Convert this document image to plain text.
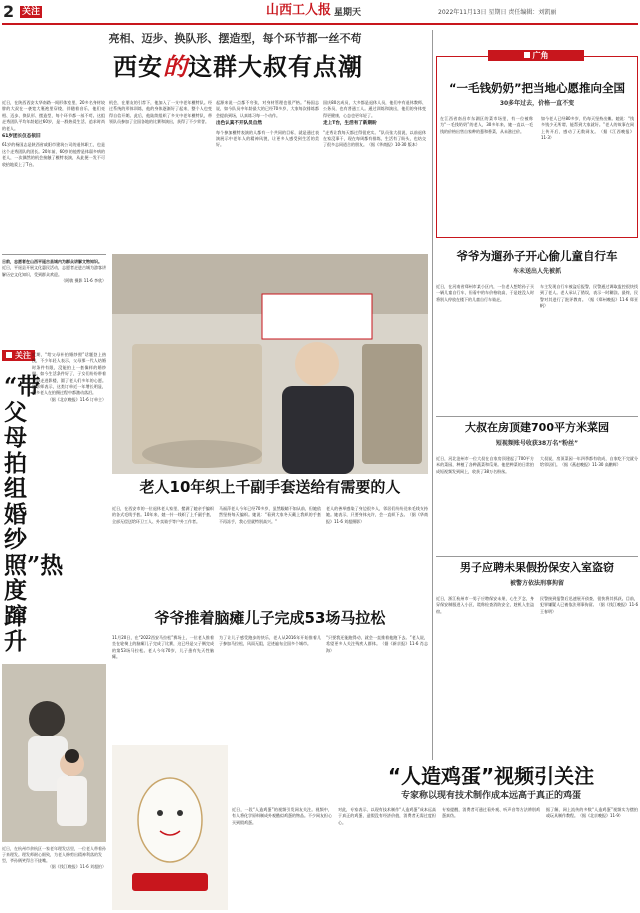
2 关注	山西工人报 星期天	2022年11月13日 星期日 责任编辑：刘凯丽
亮相、迈步、换队形、摆造型，每个环节都一丝不苟
西安的这群大叔有点潮

近日，在陕西西安太华南路一间形体室里，20多名身材较胖的大叔在一袭宽大裹袍里穿梭，伴随着音乐，他们亮相、迈步、换队形、摆造型，每个环节都一丝不苟。这组走秀团队平均年龄超过60岁，是一群热爱生活、追求时尚的老人。

61岁团长仪态依旧

61岁的杨国志是陕西省咸阳市建筑公司的退休职工，也是这个走秀团队的团长。20年前，60岁的他曾是体弱多病的老人，一次偶然的机会接触了模特表演，从此便一发不可收拾地爱上了T台。

机会，在朋友的引荐下，他加入了一支中老年模特队。经过系统的形体训练，他的身体逐渐好了起来，整个人也变得自信开朗。此后，他陆续组织了多支中老年模特队，带领队员参加了全国各地的比赛和演出，获得了不少荣誉。

起源来说一点都不夸张，对身材管理也很严格。”杨国志说，如今队员中年龄最大的已经70多岁，大家每次排练都会提前到场，认真练习每一个动作。

出色认真不开队员自然

每个参加模特表演的人都有一个共同的目标，就是通过表演展示中老年人的精神风貌，让更多人感受到生活的美好。

国庆80名成员，大多都是退休人员，他们中有退休教师、公务员，也有普通工人。通过训练和演出，他们的身体变得更健康，心态也更年轻了。

走上T台，生活有了新期盼

“走秀让我每天都过得很充实。”队员张大叔说，以前退休在家没事干，现在每周都有排练，生活有了盼头，也结交了很多志同道合的朋友。（据《华商报》10·30 版本）

日前，志愿者在山西平遥古县城内为群众讲解文物知识。

近日，平遥县开展文化惠民活动，志愿者走进古城为游客讲解历史文化知识，受到群众欢迎。

（阿敏 摄影 11·6 李欣）

关注
“带父母拍组婚纱照”热度蹿升

近期，“给父母补拍婚纱照”话题登上热搜，不少年轻人表示，父母那一代人结婚时条件有限，没能拍上一套像样的婚纱照。如今生活条件好了，子女们纷纷带着父母走进影楼，圆了老人们多年的心愿。摄影师表示，这类订单近一年增长明显，很多老人在拍摄过程中都激动落泪。

（据《北京晚报》11·6 订单主）

近日，在杭州市余杭区一家老年理发店里，一位老人带着孙子来理发。理发师耐心细致，为老人修剪出精神利落的发型，爷孙俩笑得合不拢嘴。

（据《钱江晚报》11·6 刘超拍）

老人10年织上千副手套送给有需要的人

近日，在西安市的一位退休老人家里，摆满了她亲手编织的各式毛线手套。10年来，她一针一线织了上千副手套，全部无偿送给环卫工人、外卖骑手等户外工作者。

马福萍老人今年已经70多岁，虽然眼睛不如从前，但她依然坚持每天编织。她说：“看到大家冬天戴上我织的手套不再冻手，我心里就特别高兴。”

老人的善举感染了身边很多人，邻居们纷纷送来毛线支持她。她表示，只要身体允许，会一直织下去。（据《华商报》11·6 刘超摄影）

爷爷推着脑瘫儿子完成53场马拉松

11月20日，在“2022西安马拉松”赛场上，一位老人推着坐在轮椅上的脑瘫儿子完成了比赛，这已经是父子俩完成的第53场马拉松。老人今年70岁，儿子患有先天性脑瘫。

为了让儿子感受跑步的快乐，老人从2016年开始推着儿子参加马拉松，风雨无阻，足迹遍布全国多个城市。

“只要我还能跑得动，就会一直推着他跑下去。”老人说，希望更多人关注残疾人群体。（据《新京报》11·6 肖志海）

“人造鸡蛋”视频引关注
专家称以现有技术制作成本远高于真正的鸡蛋

近日，一段“人造鸡蛋”的视频引发网友关注。视频中，有人将化学原料制成外观酷似鸡蛋的物品。不少网友担心买到假鸡蛋。

对此，专家表示，以现有技术制作“人造鸡蛋”成本远高于真正的鸡蛋，造假没有经济价值，消费者无需过度担心。

专家提醒，消费者可通过看外观、听声音等方法辨别鸡蛋真伪。

据了解，网上流传的多数“人造鸡蛋”视频实为摆拍或玩具制作教程。（据《北京晚报》11·9）

广角
“一毛钱奶奶”把当地心愿推向全国
30多年过去，价格一直不变

在江西省南昌市东湖区的菜市场里，有一位被称为“一毛钱奶奶”的老人，30多年来，她一直以一毛钱的价格出售自家种的葱和香菜，从未涨过价。

如今老人已经80多岁，仍每天坚持出摊。她说：“钱多钱少无所谓，能帮到大家就好。”老人的故事在网上传开后，感动了无数网友。（据《江西晚报》11·3）

爷爷为遛孙子开心偷儿童自行车
车未送出人先被抓

近日，在河南省郑州市某小区内，一位老人想给孙子买一辆儿童自行车，但看中的车价格较高，于是趁没人时将别人停放在楼下的儿童自行车骑走。

车主发现自行车被盗后报警，民警通过调取监控很快找到了老人。老人承认了错误，表示一时糊涂。最终，民警对其进行了批评教育。（据《郑州晚报》11·6 郑亚帆）

大叔在房顶建700平方米菜园
短视频账号收获38万名“粉丝”

近日，河北沧州市一位大叔在自家房顶建起了700平方米的菜园，种植了各种蔬菜和瓜果。他把种菜的日常拍成短视频发到网上，收获了38万名粉丝。

大叔说，房顶菜园一年四季都有收成，自家吃不完就分给邻居们。（据《燕赵晚报》11·30 高鹏辉）

男子应聘未果假扮保安入室盗窃
被警方依法刑事拘留

近日，浙江杭州市一男子应聘保安未果，心生歹念，身穿保安制服进入小区，谎称检查消防安全，趁机入室盗窃。

民警接到报警后迅速展开侦查，很快将其抓获。目前，犯罪嫌疑人已被依法刑事拘留。（据《钱江晚报》11·6 王春明）
